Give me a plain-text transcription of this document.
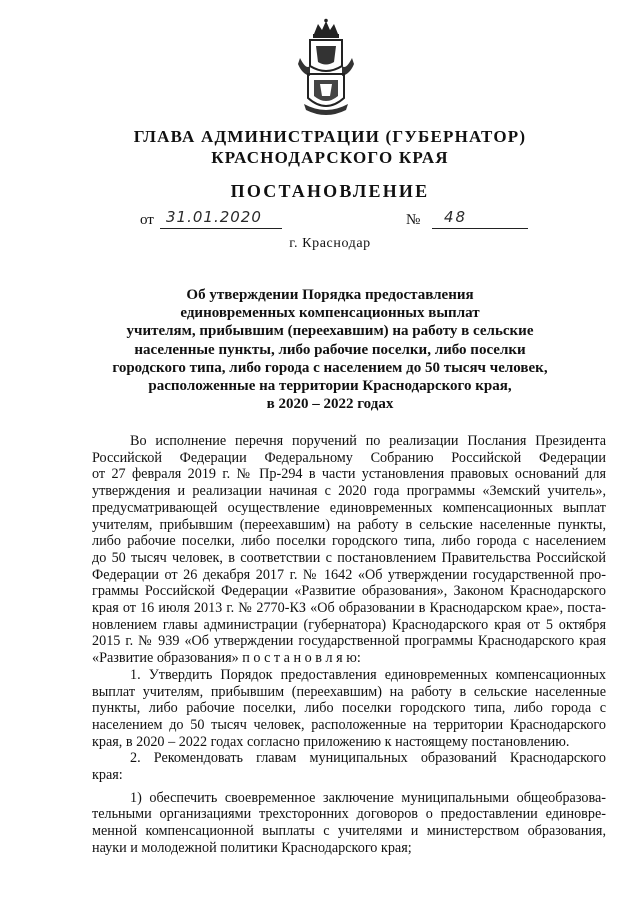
ГЛАВА АДМИНИСТРАЦИИ (ГУБЕРНАТОР)
КРАСНОДАРСКОГО КРАЯ
ПОСТАНОВЛЕНИЕ
от 31.01.2020	№ 48
г. Краснодар
Об утверждении Порядка предоставления
единовременных компенсационных выплат
учителям, прибывшим (переехавшим) на работу в сельские
населенные пункты, либо рабочие поселки, либо поселки
городского типа, либо города с населением до 50 тысяч человек,
расположенные на территории Краснодарского края,
в 2020 – 2022 годах
Во исполнение перечня поручений по реализации Послания Президента
Российской Федерации Федеральному Собранию Российской Федерации
от 27 февраля 2019 г. № Пр-294 в части установления правовых оснований для
утверждения и реализации начиная с 2020 года программы «Земский учитель»,
предусматривающей осуществление единовременных компенсационных выплат
учителям, прибывшим (переехавшим) на работу в сельские населенные пункты,
либо рабочие поселки, либо поселки городского типа, либо города с населением
до 50 тысяч человек, в соответствии с постановлением Правительства Российской
Федерации от 26 декабря 2017 г. № 1642 «Об утверждении государственной про-
граммы Российской Федерации «Развитие образования», Законом Краснодарского
края от 16 июля 2013 г. № 2770-КЗ «Об образовании в Краснодарском крае», поста-
новлением главы администрации (губернатора) Краснодарского края от 5 октября
2015 г. № 939 «Об утверждении государственной программы Краснодарского края
«Развитие образования» п о с т а н о в л я ю:
1. Утвердить Порядок предоставления единовременных компенсационных
выплат учителям, прибывшим (переехавшим) на работу в сельские населенные
пункты, либо рабочие поселки, либо поселки городского типа, либо города с
населением до 50 тысяч человек, расположенные на территории Краснодарского
края, в 2020 – 2022 годах согласно приложению к настоящему постановлению.
2. Рекомендовать главам муниципальных образований Краснодарского
края:
1) обеспечить своевременное заключение муниципальными общеобразова-
тельными организациями трехсторонних договоров о предоставлении единовре-
менной компенсационной выплаты с учителями и министерством образования,
науки и молодежной политики Краснодарского края;
